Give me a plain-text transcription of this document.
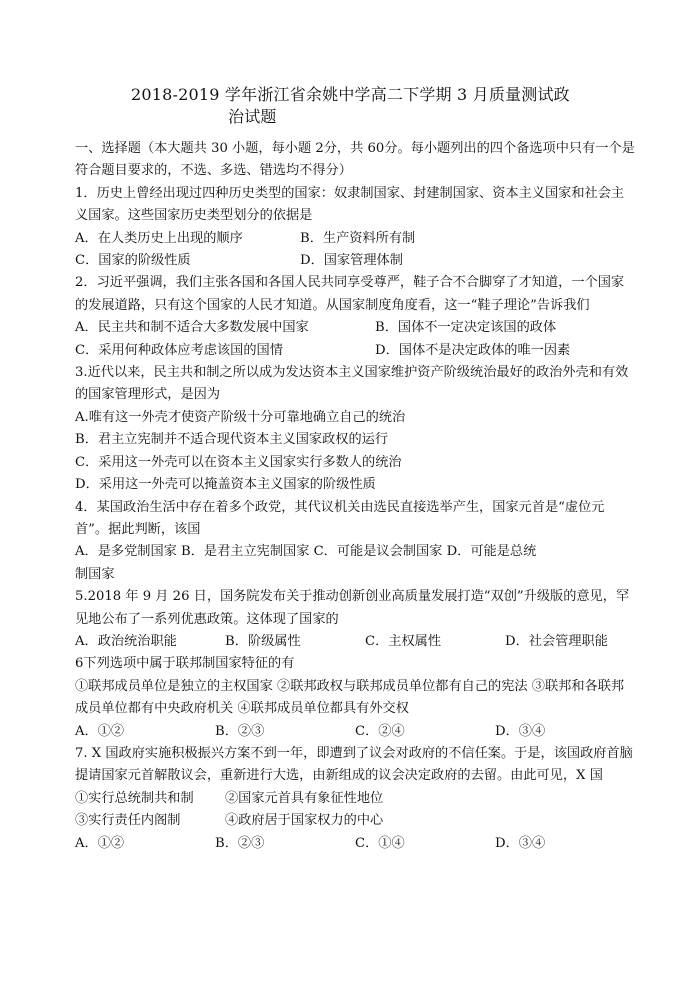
2018-2019 学年浙江省余姚中学高二下学期 3 月质量测试政
治试题

一、选择题（本大题共 30 小题，每小题 2分，共 60分。每小题列出的四个备选项中只有一个是符合题目要求的，不选、多选、错选均不得分）

1．历史上曾经出现过四种历史类型的国家：奴隶制国家、封建制国家、资本主义国家和社会主义国家。这些国家历史类型划分的依据是

A．在人类历史上出现的顺序	B．生产资料所有制
C．国家的阶级性质	D．国家管理体制

2．习近平强调，我们主张各国和各国人民共同享受尊严，鞋子合不合脚穿了才知道，一个国家的发展道路，只有这个国家的人民才知道。从国家制度角度看，这一“鞋子理论”告诉我们

A．民主共和制不适合大多数发展中国家	B．国体不一定决定该国的政体
C．采用何种政体应考虑该国的国情	D．国体不是决定政体的唯一因素

3.近代以来，民主共和制之所以成为发达资本主义国家维护资产阶级统治最好的政治外壳和有效的国家管理形式，是因为

A.唯有这一外壳才使资产阶级十分可靠地确立自己的统治

B．君主立宪制并不适合现代资本主义国家政权的运行

C．采用这一外壳可以在资本主义国家实行多数人的统治

D．采用这一外壳可以掩盖资本主义国家的阶级性质

4．某国政治生活中存在着多个政党，其代议机关由选民直接选举产生，国家元首是“虚位元首”。据此判断，该国

A．是多党制国家 B．是君主立宪制国家 C．可能是议会制国家 D．可能是总统

制国家

5.2018 年 9 月 26 日，国务院发布关于推动创新创业高质量发展打造“双创”升级版的意见，罕见地公布了一系列优惠政策。这体现了国家的

A．政治统治职能	B．阶级属性	C．主权属性	D．社会管理职能

6下列选项中属于联邦制国家特征的有

①联邦成员单位是独立的主权国家 ②联邦政权与联邦成员单位都有自己的宪法 ③联邦和各联邦成员单位都有中央政府机关 ④联邦成员单位都具有外交权

A．①②	B．②③	C．②④	D．③④

7. X 国政府实施积极振兴方案不到一年，即遭到了议会对政府的不信任案。于是，该国政府首脑提请国家元首解散议会，重新进行大选，由新组成的议会决定政府的去留。由此可见，X 国

①实行总统制共和制	②国家元首具有象征性地位
③实行责任内阁制	④政府居于国家权力的中心
A．①②	B．②③	C．①④	D．③④
